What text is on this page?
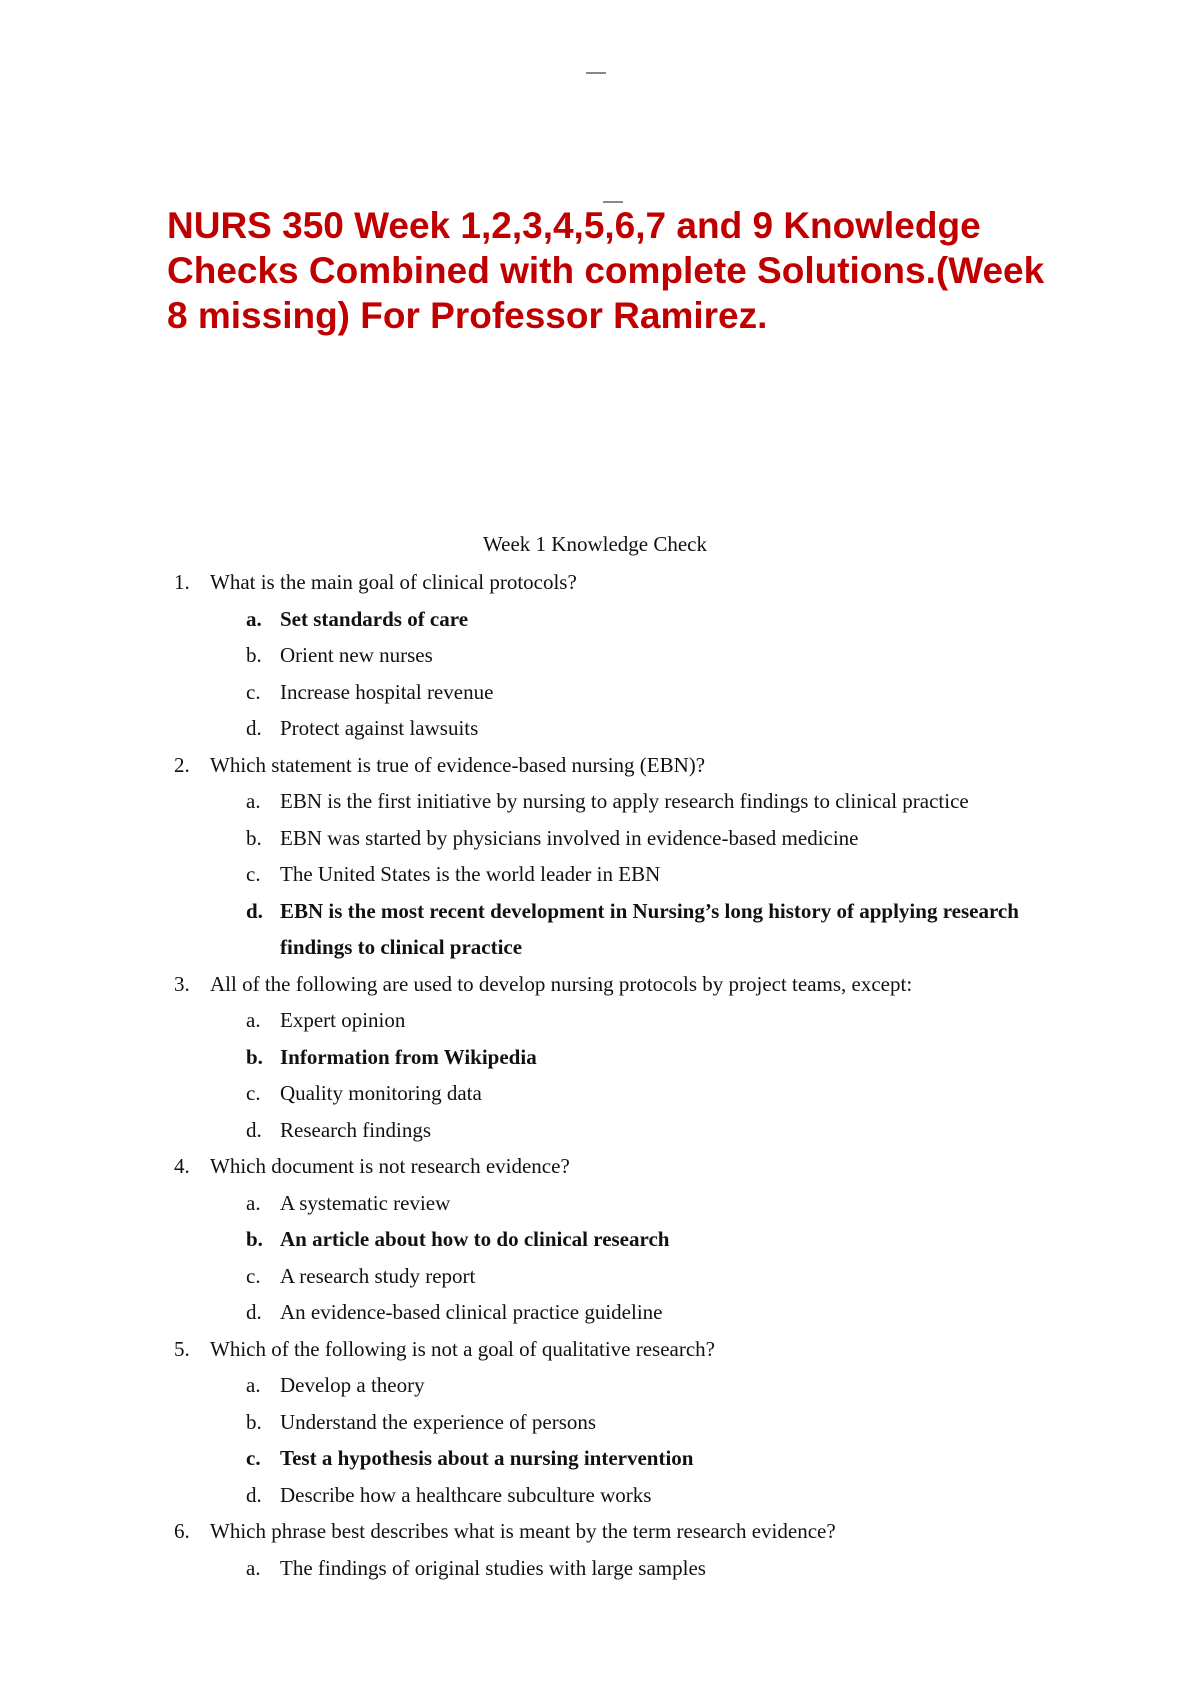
NURS 350 Week 1,2,3,4,5,6,7 and 9 Knowledge Checks Combined with complete Solutions.(Week 8 missing) For Professor Ramirez.
Week 1 Knowledge Check
1. What is the main goal of clinical protocols?
a. Set standards of care
b. Orient new nurses
c. Increase hospital revenue
d. Protect against lawsuits
2. Which statement is true of evidence-based nursing (EBN)?
a. EBN is the first initiative by nursing to apply research findings to clinical practice
b. EBN was started by physicians involved in evidence-based medicine
c. The United States is the world leader in EBN
d. EBN is the most recent development in Nursing’s long history of applying research findings to clinical practice
3. All of the following are used to develop nursing protocols by project teams, except:
a. Expert opinion
b. Information from Wikipedia
c. Quality monitoring data
d. Research findings
4. Which document is not research evidence?
a. A systematic review
b. An article about how to do clinical research
c. A research study report
d. An evidence-based clinical practice guideline
5. Which of the following is not a goal of qualitative research?
a. Develop a theory
b. Understand the experience of persons
c. Test a hypothesis about a nursing intervention
d. Describe how a healthcare subculture works
6. Which phrase best describes what is meant by the term research evidence?
a. The findings of original studies with large samples
